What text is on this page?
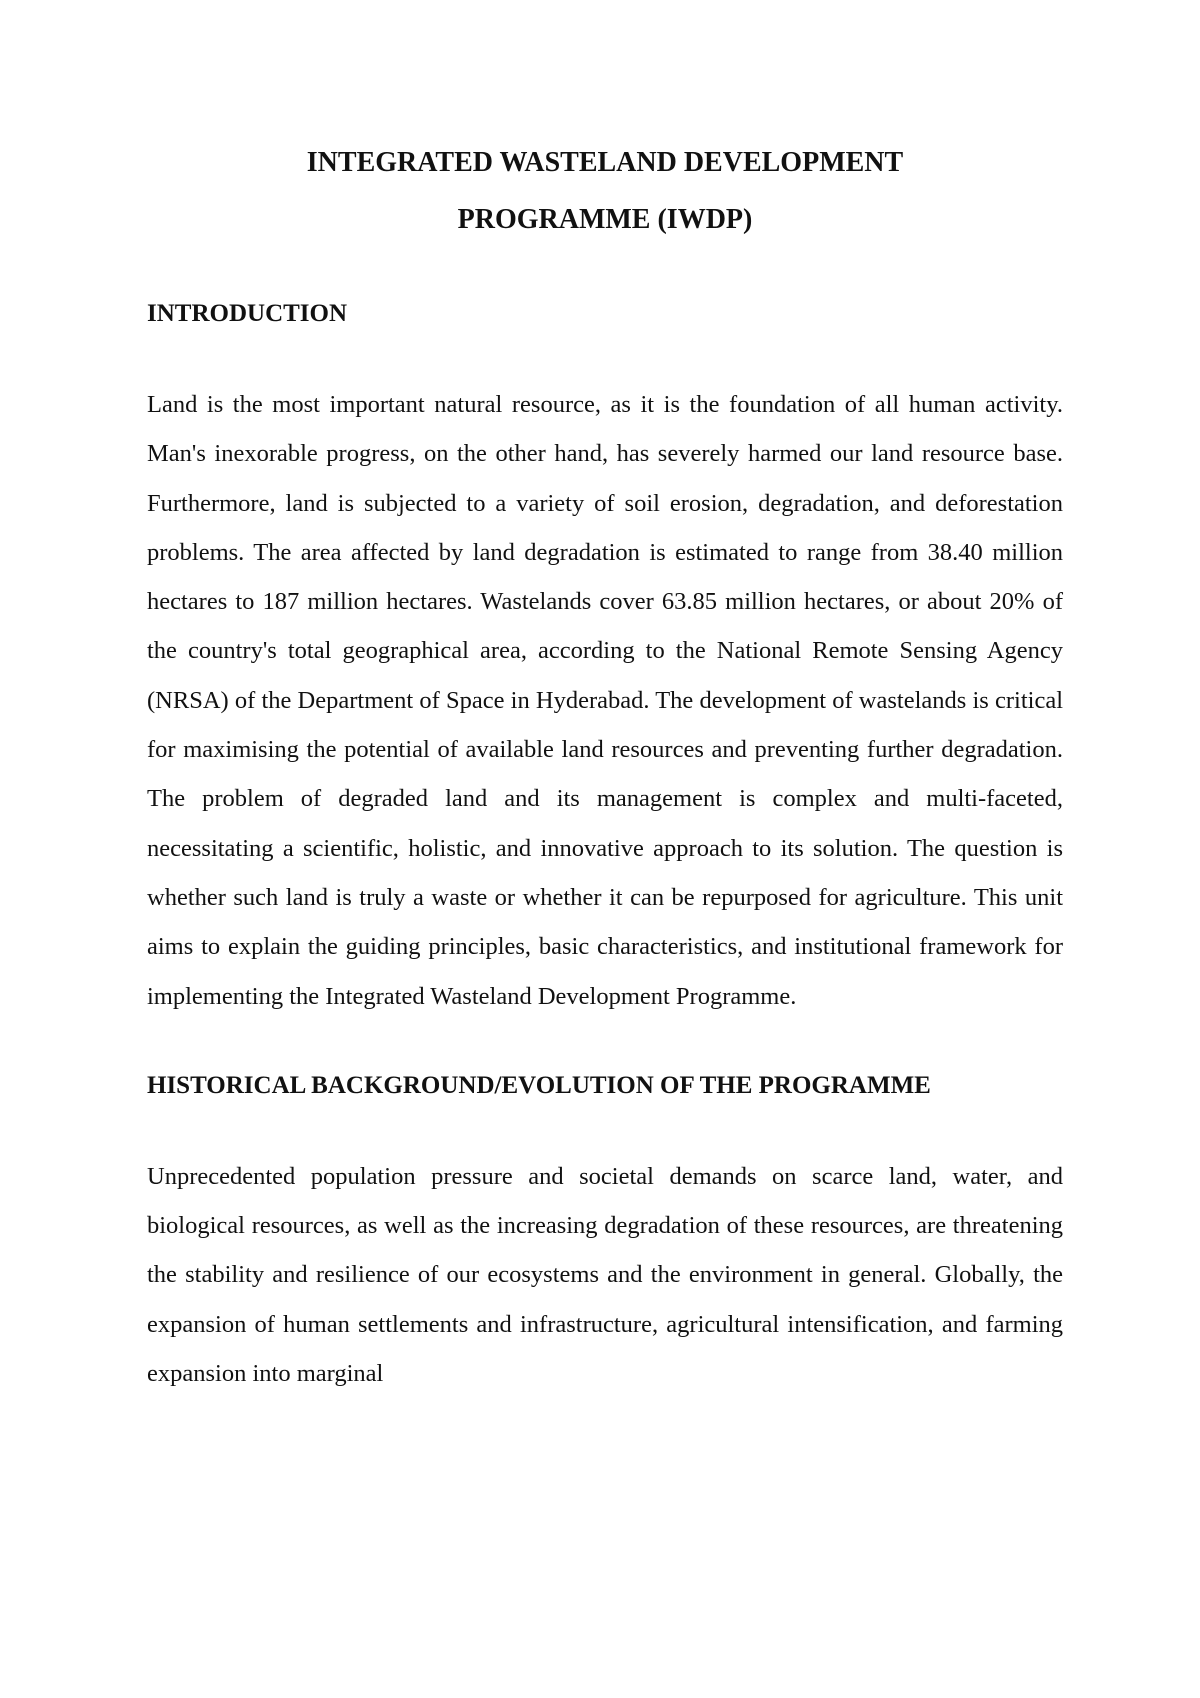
INTEGRATED WASTELAND DEVELOPMENT
PROGRAMME (IWDP)
INTRODUCTION

Land is the most important natural resource, as it is the foundation of all human activity. Man's inexorable progress, on the other hand, has severely harmed our land resource base. Furthermore, land is subjected to a variety of soil erosion, degradation, and deforestation problems. The area affected by land degradation is estimated to range from 38.40 million hectares to 187 million hectares. Wastelands cover 63.85 million hectares, or about 20% of the country's total geographical area, according to the National Remote Sensing Agency (NRSA) of the Department of Space in Hyderabad. The development of wastelands is critical for maximising the potential of available land resources and preventing further degradation. The problem of degraded land and its management is complex and multi-faceted, necessitating a scientific, holistic, and innovative approach to its solution. The question is whether such land is truly a waste or whether it can be repurposed for agriculture. This unit aims to explain the guiding principles, basic characteristics, and institutional framework for implementing the Integrated Wasteland Development Programme.

HISTORICAL BACKGROUND/EVOLUTION OF THE PROGRAMME

Unprecedented population pressure and societal demands on scarce land, water, and biological resources, as well as the increasing degradation of these resources, are threatening the stability and resilience of our ecosystems and the environment in general. Globally, the expansion of human settlements and infrastructure, agricultural intensification, and farming expansion into marginal
